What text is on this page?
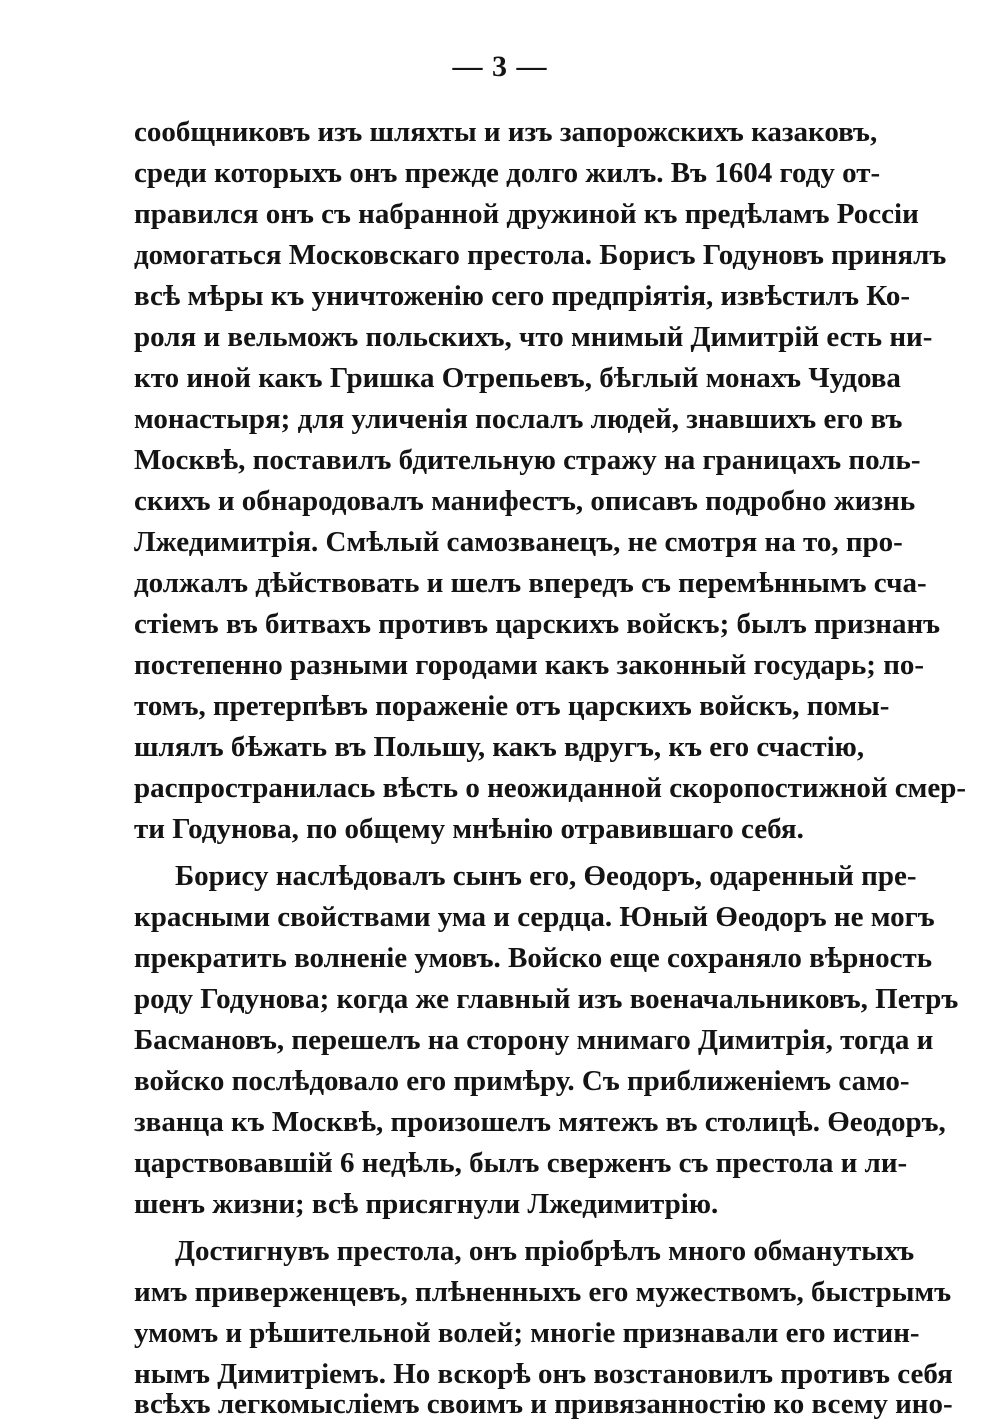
— 3 —
сообщниковъ изъ шляхты и изъ запорожскихъ казаковъ,
среди которыхъ онъ прежде долго жилъ. Въ 1604 году от-
правился онъ съ набранной дружиной къ предѣламъ Россіи
домогаться Московскаго престола. Борисъ Годуновъ принялъ
всѣ мѣры къ уничтоженію сего предпріятія, извѣстилъ Ко-
роля и вельможъ польскихъ, что мнимый Димитрій есть ни-
кто иной какъ Гришка Отрепьевъ, бѣглый монахъ Чудова
монастыря; для уличенія послалъ людей, знавшихъ его въ
Москвѣ, поставилъ бдительную стражу на границахъ поль-
скихъ и обнародовалъ манифестъ, описавъ подробно жизнь
Лжедимитрія. Смѣлый самозванецъ, не смотря на то, про-
должалъ дѣйствовать и шелъ впередъ съ перемѣннымъ сча-
стіемъ въ битвахъ противъ царскихъ войскъ; былъ признанъ
постепенно разными городами какъ законный государь; по-
томъ, претерпѣвъ пораженіе отъ царскихъ войскъ, помы-
шлялъ бѣжать въ Польшу, какъ вдругъ, къ его счастію,
распространилась вѣсть о неожиданной скоропостижной смер-
ти Годунова, по общему мнѣнію отравившаго себя.
Борису наслѣдовалъ сынъ его, Өеодоръ, одаренный пре-
красными свойствами ума и сердца. Юный Өеодоръ не могъ
прекратить волненіе умовъ. Войско еще сохраняло вѣрность
роду Годунова; когда же главный изъ военачальниковъ, Петръ
Басмановъ, перешелъ на сторону мнимаго Димитрія, тогда и
войско послѣдовало его примѣру. Съ приближеніемъ само-
званца къ Москвѣ, произошелъ мятежъ въ столицѣ. Өеодоръ,
царствовавшій 6 недѣль, былъ сверженъ съ престола и ли-
шенъ жизни; всѣ присягнули Лжедимитрію.
Достигнувъ престола, онъ пріобрѣлъ много обманутыхъ
имъ приверженцевъ, плѣненныхъ его мужествомъ, быстрымъ
умомъ и рѣшительной волей; многіе признавали его истин-
нымъ Димитріемъ. Но вскорѣ онъ возстановилъ противъ себя
всѣхъ легкомысліемъ своимъ и привязанностію ко всему ино-
